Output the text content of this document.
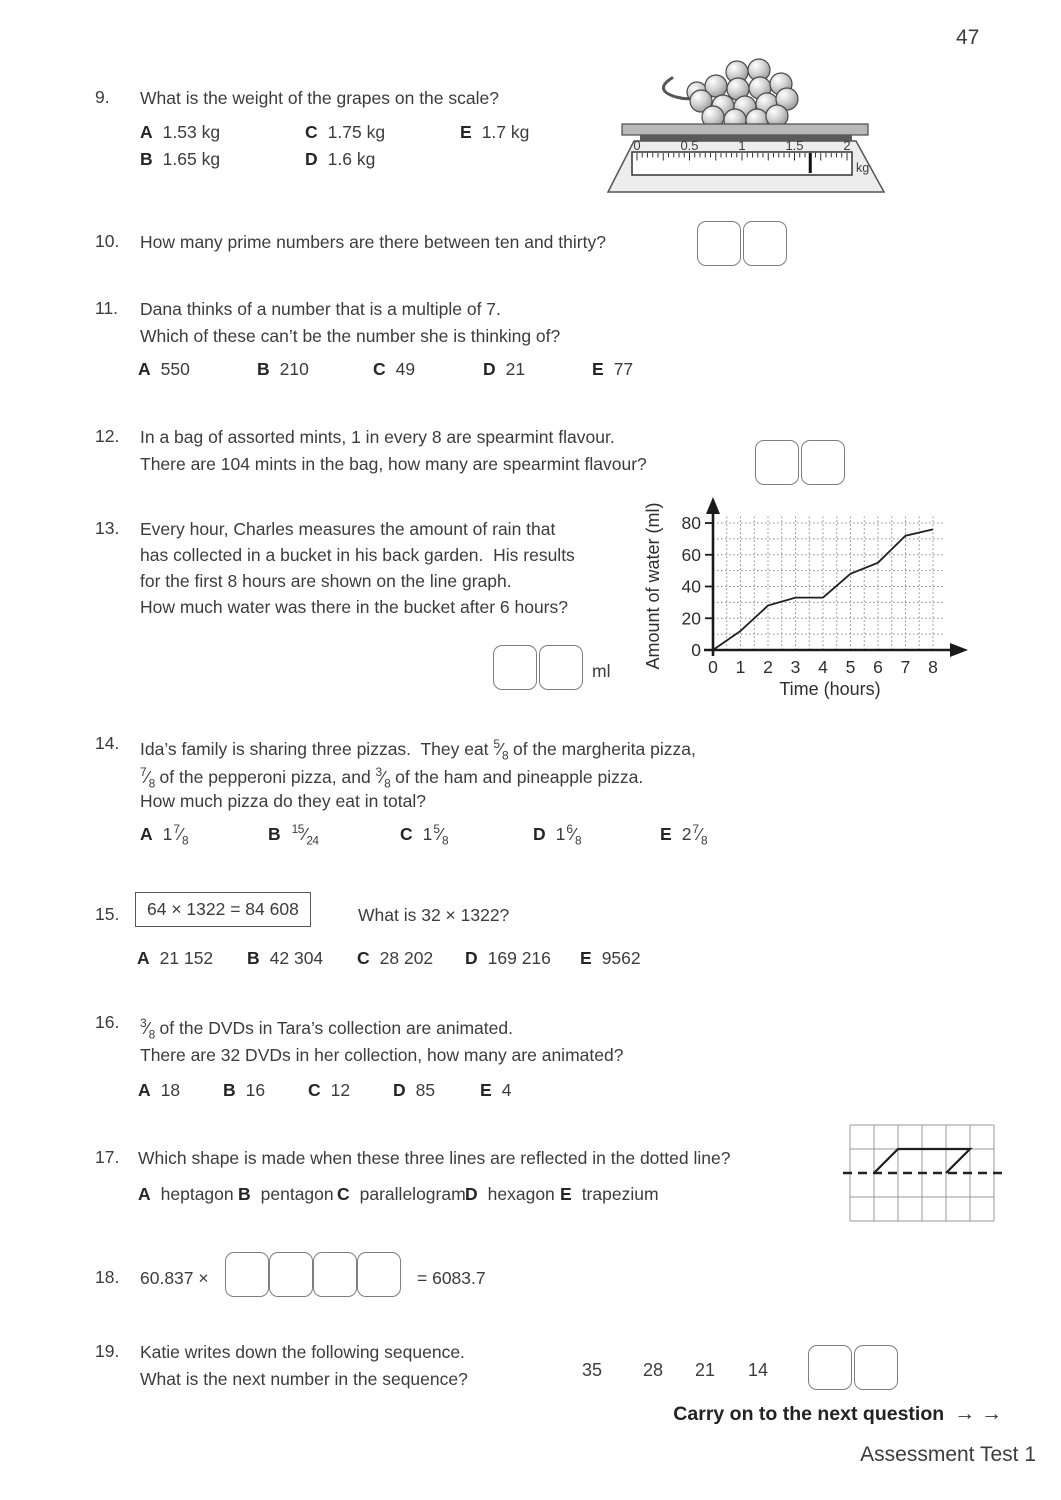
47
9. What is the weight of the grapes on the scale?
A 1.53 kg	C 1.75 kg	E 1.7 kg
B 1.65 kg	D 1.6 kg
0	0.5	1	1.5	2
kg
10. How many prime numbers are there between ten and thirty?
11. Dana thinks of a number that is a multiple of 7.
Which of these can’t be the number she is thinking of?
A 550	B 210	C 49	D 21	E 77
12. In a bag of assorted mints, 1 in every 8 are spearmint flavour.
There are 104 mints in the bag, how many are spearmint flavour?
13. Every hour, Charles measures the amount of rain that
has collected in a bucket in his back garden.  His results
for the first 8 hours are shown on the line graph.
How much water was there in the bucket after 6 hours?
ml
0
20
40
60
80
0 1 2 3 4 5 6 7 8
Time (hours)
Amount of water (ml)
14. Ida’s family is sharing three pizzas.  They eat $^5⁄_8$ of the margherita pizza,
$^7⁄_8$ of the pepperoni pizza, and $^3⁄_8$ of the ham and pineapple pizza.
How much pizza do they eat in total?
A $1^7⁄_8$	B $^{15}⁄_{24}$	C $1^5⁄_8$	D $1^6⁄_8$	E $2^7⁄_8$
15.	64 × 1322 = 84 608	What is 32 × 1322?
A 21 152 B 42 304 C 28 202 D 169 216 E 9562
16. $^3⁄_8$ of the DVDs in Tara’s collection are animated.
There are 32 DVDs in her collection, how many are animated?
A 18 B 16 C 12 D 85	E 4
17. Which shape is made when these three lines are reflected in the dotted line?
A heptagon B pentagon C parallelogramD hexagon E trapezium
18. 60.837 ×	= 6083.7
19. Katie writes down the following sequence.
What is the next number in the sequence?	35 28 21 14
Carry on to the next question → →
Assessment Test 1
